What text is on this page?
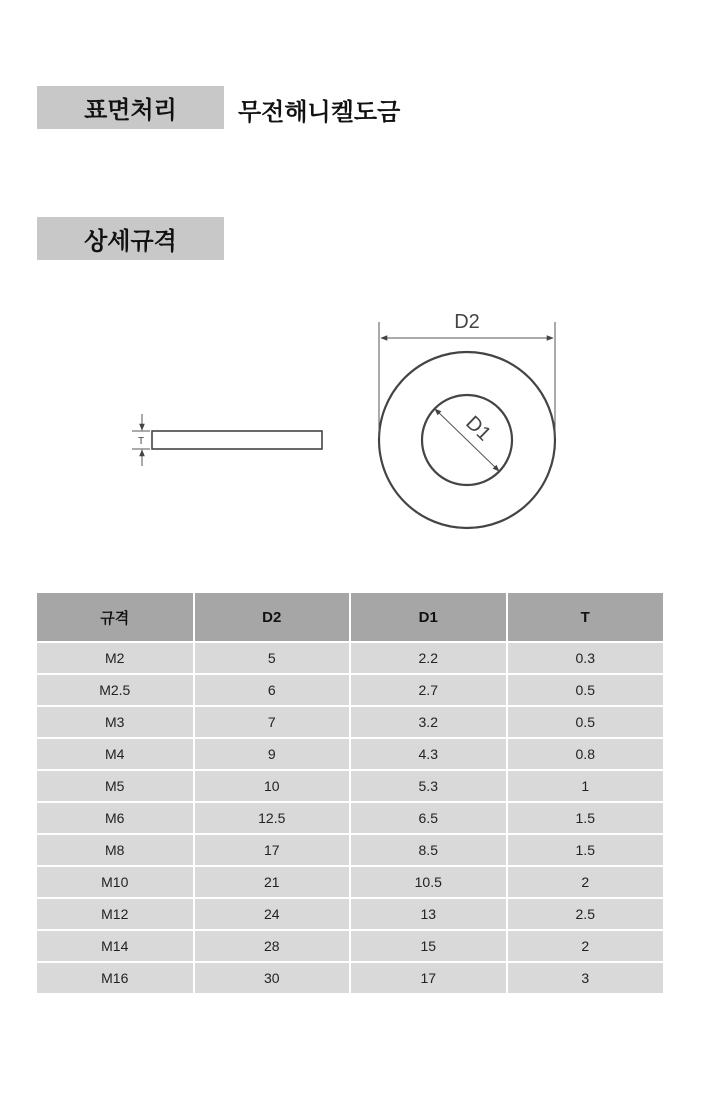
표면처리	무전해니켈도금
상세규격
T
D2
D1
규격	D2	D1	T
M2	5	2.2	0.3
M2.5	6	2.7	0.5
M3	7	3.2	0.5
M4	9	4.3	0.8
M5	10	5.3	1
M6	12.5	6.5	1.5
M8	17	8.5	1.5
M10	21	10.5	2
M12	24	13	2.5
M14	28	15	2
M16	30	17	3
